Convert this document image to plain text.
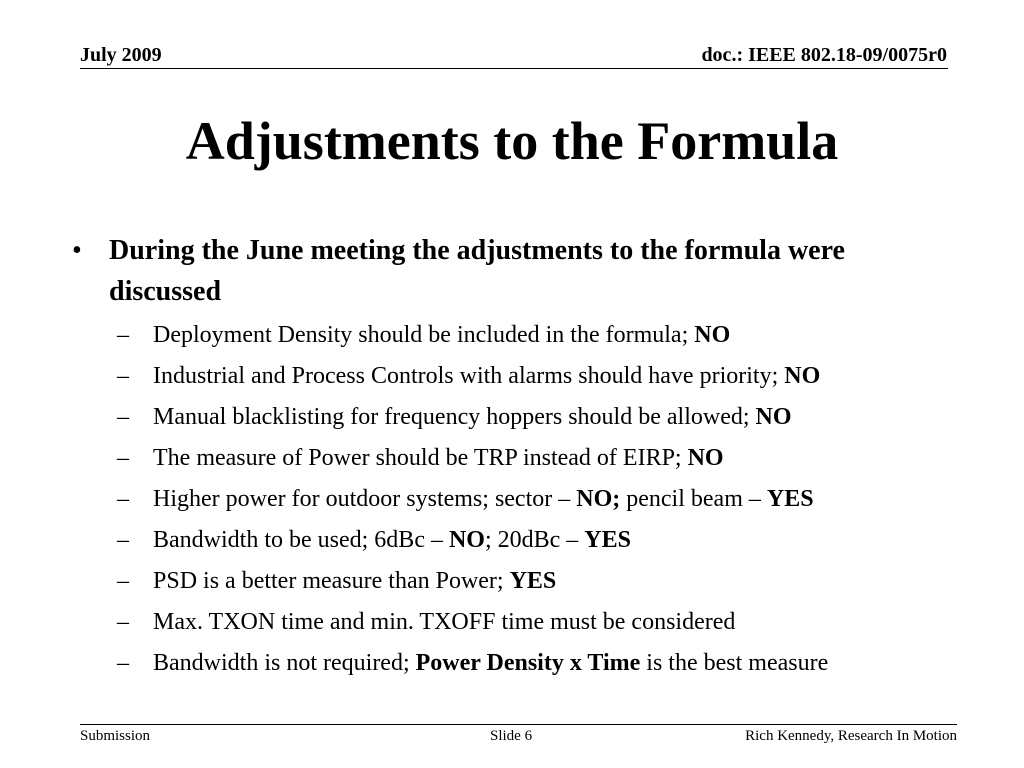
July 2009	doc.: IEEE 802.18-09/0075r0
Adjustments to the Formula
• During the June meeting the adjustments to the formula were discussed
– Deployment Density should be included in the formula; NO
– Industrial and Process Controls with alarms should have priority; NO
– Manual blacklisting for frequency hoppers should be allowed; NO
– The measure of Power should be TRP instead of EIRP; NO
– Higher power for outdoor systems; sector – NO; pencil beam – YES
– Bandwidth to be used; 6dBc – NO; 20dBc – YES
– PSD is a better measure than Power; YES
– Max. TXON time and min. TXOFF time must be considered
– Bandwidth is not required; Power Density x Time is the best measure
Submission	Slide 6	Rich Kennedy, Research In Motion
